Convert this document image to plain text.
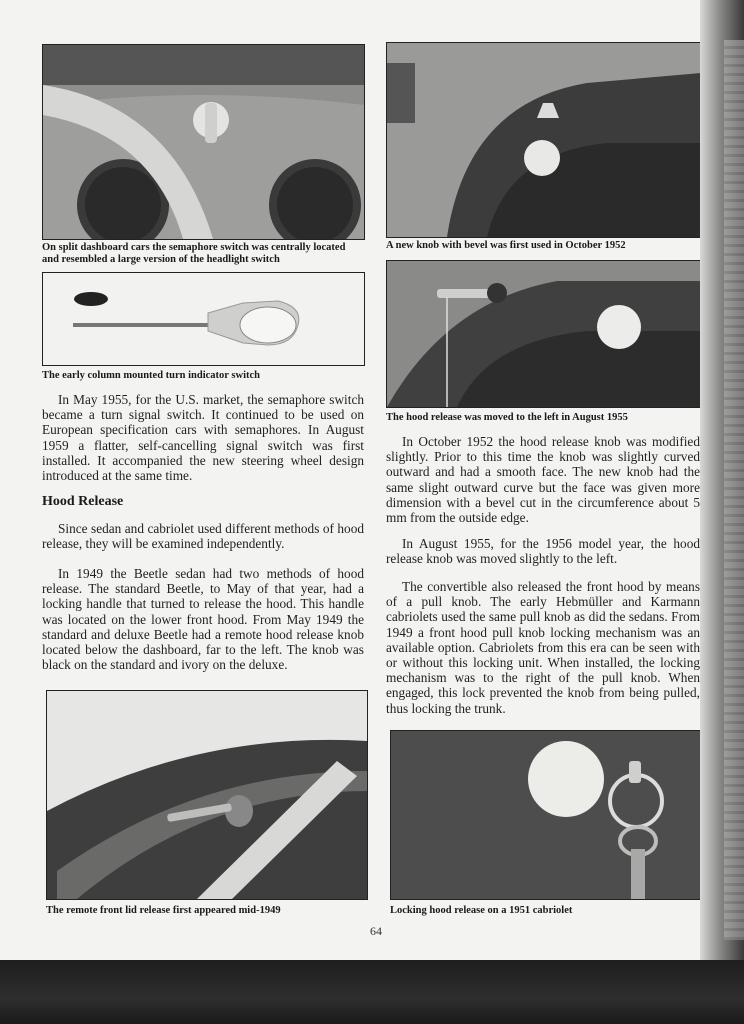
On split dashboard cars the semaphore switch was centrally located and resembled a large version of the headlight switch

The early column mounted turn indicator switch

In May 1955, for the U.S. market, the semaphore switch became a turn signal switch. It continued to be used on European specification cars with semaphores. In August 1959 a flatter, self-cancelling signal switch was first installed. It accompanied the new steering wheel design introduced at the same time.

Hood Release

Since sedan and cabriolet used different methods of hood release, they will be examined independently.

In 1949 the Beetle sedan had two methods of hood release. The standard Beetle, to May of that year, had a locking handle that turned to release the hood. This handle was located on the lower front hood. From May 1949 the standard and deluxe Beetle had a remote hood release knob located below the dashboard, far to the left. The knob was black on the standard and ivory on the deluxe.

The remote front lid release first appeared mid-1949

A new knob with bevel was first used in October 1952

The hood release was moved to the left in August 1955

In October 1952 the hood release knob was modified slightly. Prior to this time the knob was slightly curved outward and had a smooth face. The new knob had the same slight outward curve but the face was given more dimension with a bevel cut in the circumference about 5 mm from the outside edge.

In August 1955, for the 1956 model year, the hood release knob was moved slightly to the left.

The convertible also released the front hood by means of a pull knob. The early Hebmüller and Karmann cabriolets used the same pull knob as did the sedans. From 1949 a front hood pull knob locking mechanism was an available option. Cabriolets from this era can be seen with or without this locking unit. When installed, the locking mechanism was to the right of the pull knob. When engaged, this lock prevented the knob from being pulled, thus locking the trunk.

Locking hood release on a 1951 cabriolet

64
